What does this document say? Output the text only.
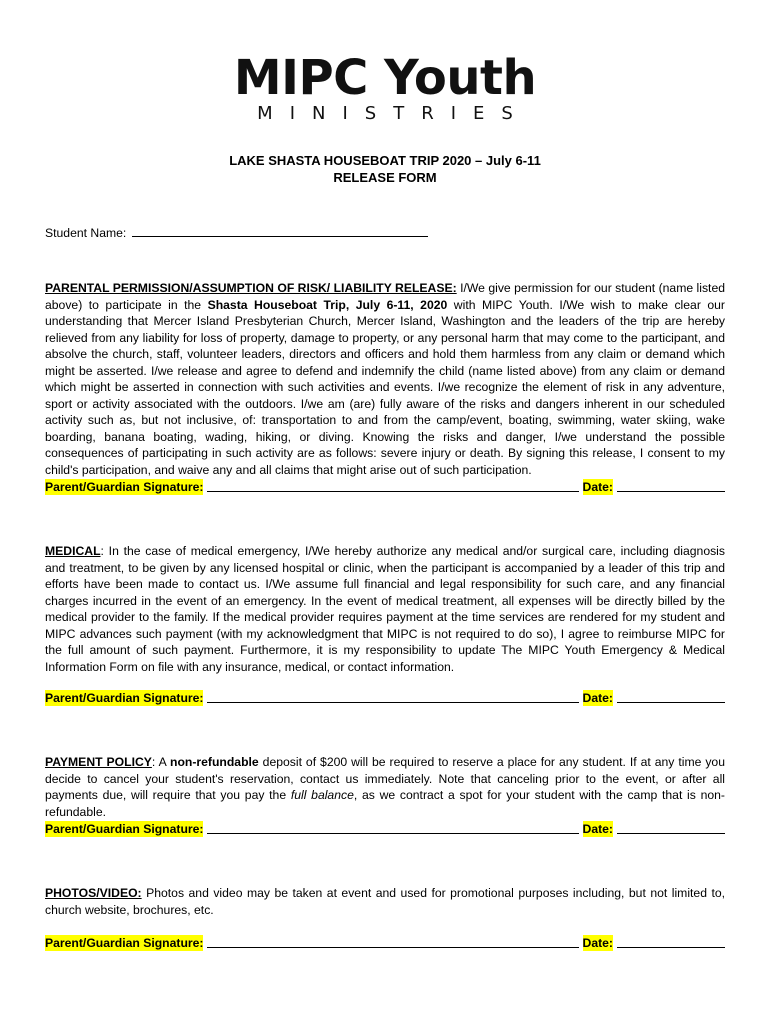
MIPC Youth
MINISTRIES
LAKE SHASTA HOUSEBOAT TRIP 2020 – July 6-11
RELEASE FORM
Student Name:

PARENTAL PERMISSION/ASSUMPTION OF RISK/ LIABILITY RELEASE: I/We give permission for our student (name listed above) to participate in the Shasta Houseboat Trip, July 6-11, 2020 with MIPC Youth. I/We wish to make clear our understanding that Mercer Island Presbyterian Church, Mercer Island, Washington and the leaders of the trip are hereby relieved from any liability for loss of property, damage to property, or any personal harm that may come to the participant, and absolve the church, staff, volunteer leaders, directors and officers and hold them harmless from any claim or demand which might be asserted. I/we release and agree to defend and indemnify the child (name listed above) from any claim or demand which might be asserted in connection with such activities and events. I/we recognize the element of risk in any adventure, sport or activity associated with the outdoors. I/we am (are) fully aware of the risks and dangers inherent in our scheduled activity such as, but not inclusive, of: transportation to and from the camp/event, boating, swimming, water skiing, wake boarding, banana boating, wading, hiking, or diving. Knowing the risks and danger, I/we understand the possible consequences of participating in such activity are as follows: severe injury or death. By signing this release, I consent to my child's participation, and waive any and all claims that might arise out of such participation.

Parent/Guardian Signature:	Date:

MEDICAL: In the case of medical emergency, I/We hereby authorize any medical and/or surgical care, including diagnosis and treatment, to be given by any licensed hospital or clinic, when the participant is accompanied by a leader of this trip and efforts have been made to contact us. I/We assume full financial and legal responsibility for such care, and any financial charges incurred in the event of an emergency. In the event of medical treatment, all expenses will be directly billed by the medical provider to the family. If the medical provider requires payment at the time services are rendered for my student and MIPC advances such payment (with my acknowledgment that MIPC is not required to do so), I agree to reimburse MIPC for the full amount of such payment. Furthermore, it is my responsibility to update The MIPC Youth Emergency & Medical Information Form on file with any insurance, medical, or contact information.

Parent/Guardian Signature:	Date:

PAYMENT POLICY: A non-refundable deposit of $200 will be required to reserve a place for any student. If at any time you decide to cancel your student's reservation, contact us immediately. Note that canceling prior to the event, or after all payments due, will require that you pay the full balance, as we contract a spot for your student with the camp that is non-refundable.

Parent/Guardian Signature:	Date:

PHOTOS/VIDEO: Photos and video may be taken at event and used for promotional purposes including, but not limited to, church website, brochures, etc.

Parent/Guardian Signature:	Date:
